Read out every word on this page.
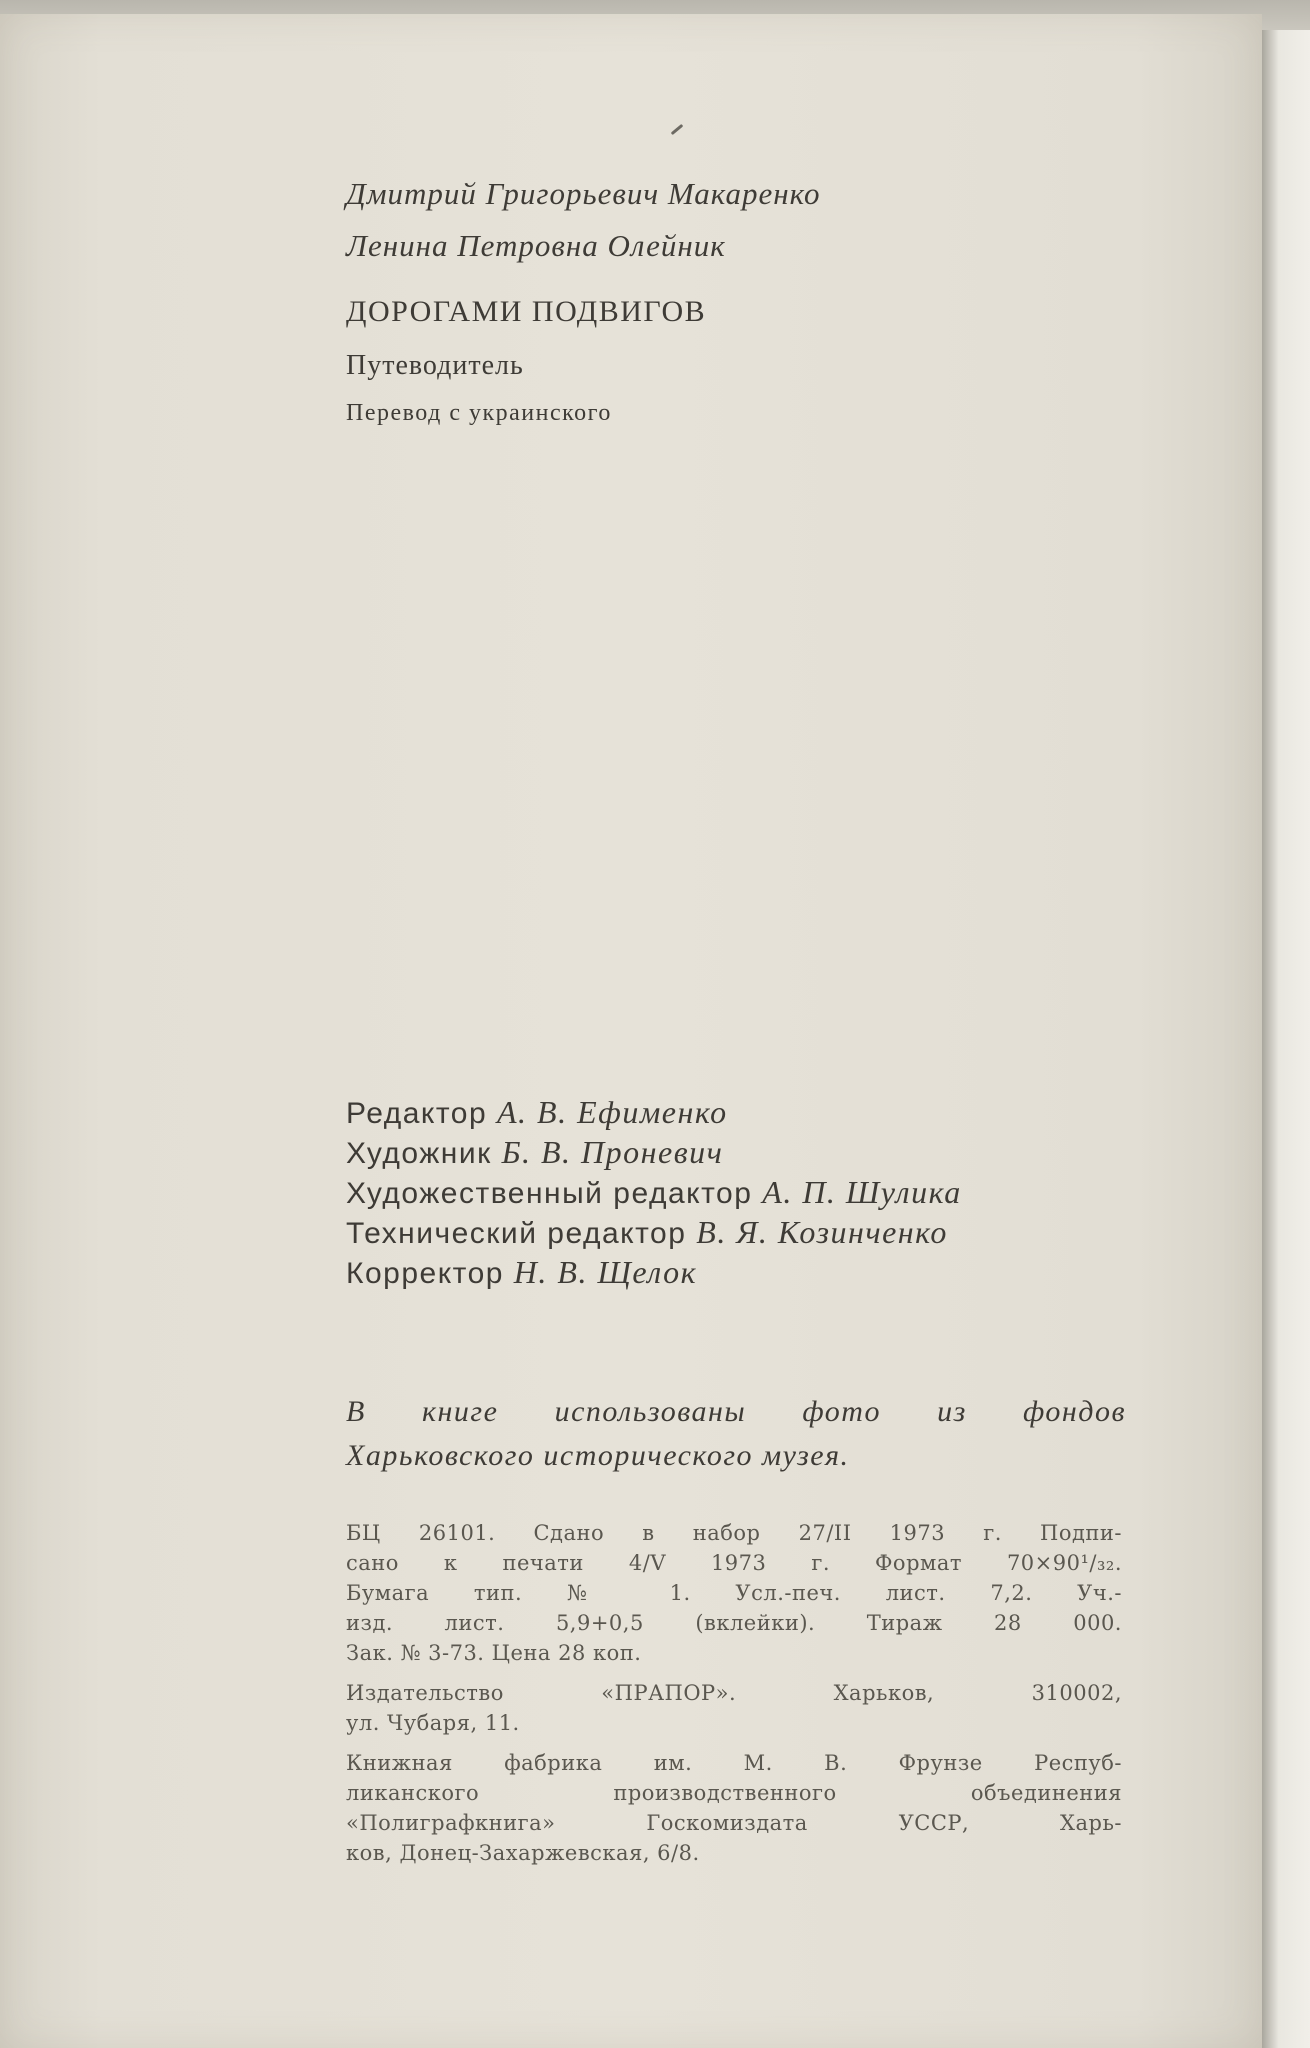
Дмитрий Григорьевич Макаренко
Ленина Петровна Олейник
ДОРОГАМИ ПОДВИГОВ
Путеводитель
Перевод с украинского
Редактор А. В. Ефименко
Художник Б. В. Проневич
Художественный редактор А. П. Шулика
Технический редактор В. Я. Козинченко
Корректор Н. В. Щелок
В книге использованы фото из фондов
Харьковского исторического музея.
БЦ 26101. Сдано в набор 27/II 1973 г. Подпи-
сано к печати 4/V 1973 г. Формат 70×90¹/₃₂.
Бумага тип. № 1. Усл.-печ. лист. 7,2. Уч.-
изд. лист. 5,9+0,5 (вклейки). Тираж 28 000.
Зак. № 3-73. Цена 28 коп.
Издательство «ПРАПОР». Харьков, 310002,
ул. Чубаря, 11.
Книжная фабрика им. М. В. Фрунзе Респуб-
ликанского производственного объединения
«Полиграфкнига» Госкомиздата УССР, Харь-
ков, Донец-Захаржевская, 6/8.
